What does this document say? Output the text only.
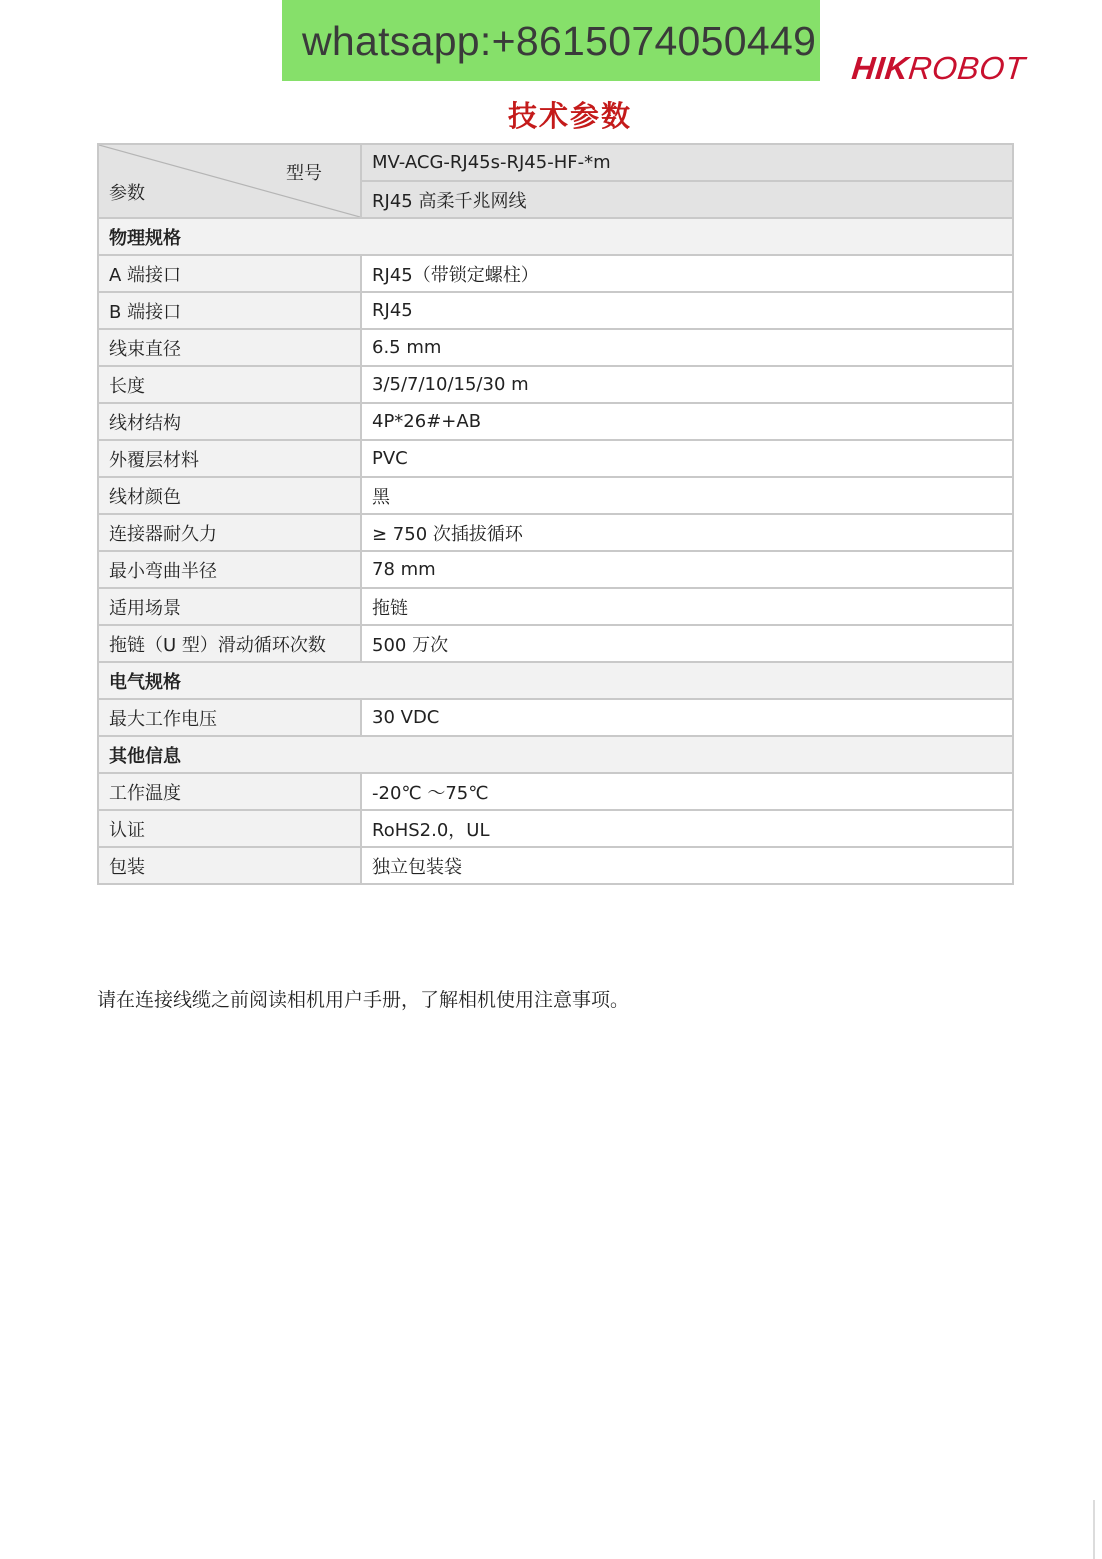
whatsapp:+8615074050449
HIKROBOT
技术参数
型号
参数	MV-ACG-RJ45s-RJ45-HF-*m
	RJ45 高柔千兆网线
物理规格	
A 端接口	RJ45（带锁定螺柱）
B 端接口	RJ45
线束直径	6.5 mm
长度	3/5/7/10/15/30 m
线材结构	4P*26#+AB
外覆层材料	PVC
线材颜色	黑
连接器耐久力	≥ 750 次插拔循环
最小弯曲半径	78 mm
适用场景	拖链
拖链（U 型）滑动循环次数	500 万次
电气规格	
最大工作电压	30 VDC
其他信息	
工作温度	-20℃ ～75℃
认证	RoHS2.0，UL
包装	独立包装袋
请在连接线缆之前阅读相机用户手册，了解相机使用注意事项。
